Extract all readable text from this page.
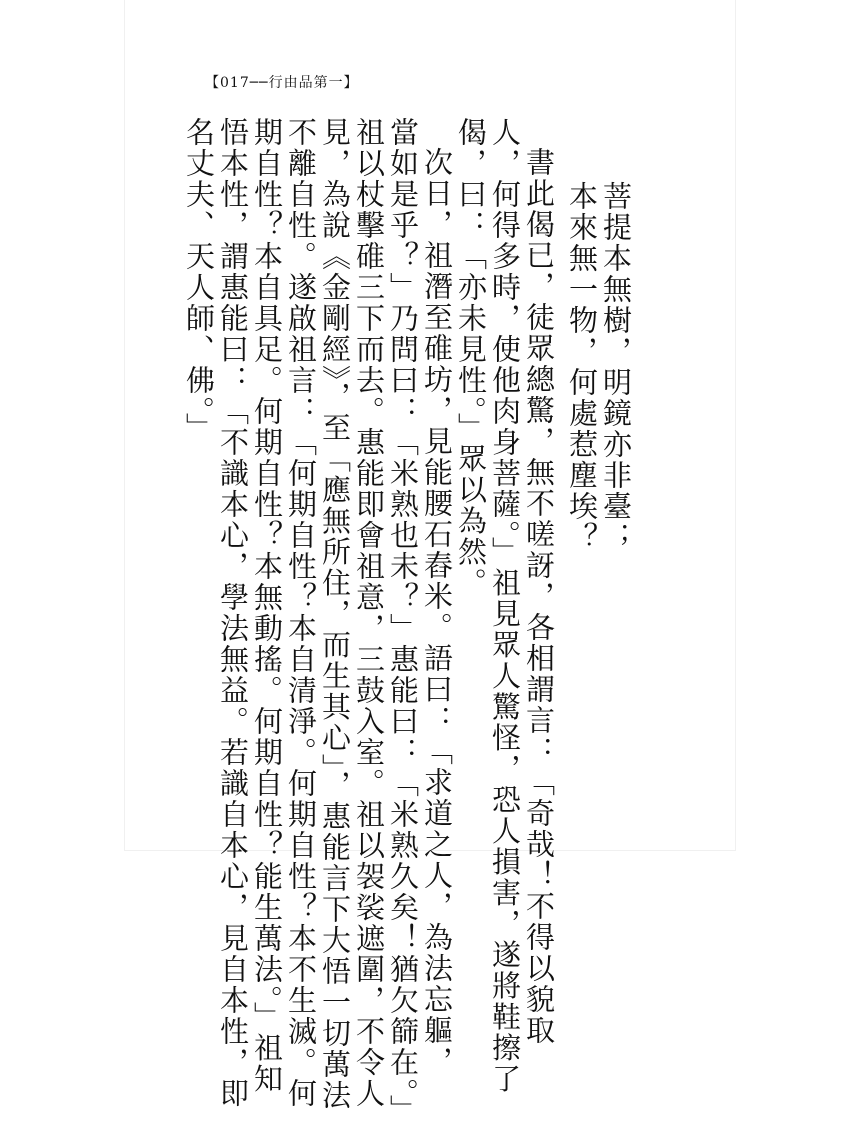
【017──行由品第一】
菩提本無樹，明鏡亦非臺；
本來無一物，何處惹塵埃？
書此偈已，徒眾總驚，無不嗟訝，各相謂言：「奇哉！不得以貌取
人，何得多時，使他肉身菩薩。」祖見眾人驚怪，恐人損害，遂將鞋擦了
偈，曰：「亦未見性。」眾以為然。
次日，祖潛至碓坊，見能腰石舂米。語曰：「求道之人，為法忘軀，
當如是乎？」乃問曰：「米熟也未？」惠能曰：「米熟久矣！猶欠篩在。」
祖以杖擊碓三下而去。惠能即會祖意，三鼓入室。祖以袈裟遮圍，不令人
見，為說《金剛經》，至「應無所住，而生其心」，惠能言下大悟一切萬法
不離自性。遂啟祖言：「何期自性？本自清淨。何期自性？本不生滅。何
期自性？本自具足。何期自性？本無動搖。何期自性？能生萬法。」祖知
悟本性，謂惠能曰：「不識本心，學法無益。若識自本心，見自本性，即
名丈夫、天人師、佛。」
